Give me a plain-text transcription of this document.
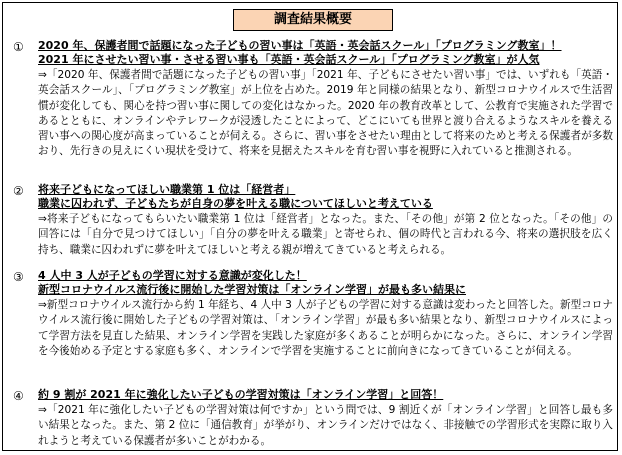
調査結果概要
① 2020 年、保護者間で話題になった子どもの習い事は「英語・英会話スクール」「プログラミング教室」！
2021 年にさせたい習い事・させる習い事も「英語・英会話スクール」「プログラミング教室」が人気
⇒「2020 年、保護者間で話題になった子どもの習い事」「2021 年、子どもにさせたい習い事」では、いずれも「英語・英会話スクール」、「プログラミング教室」が上位を占めた。2019 年と同様の結果となり、新型コロナウイルスで生活習慣が変化しても、関心を持つ習い事に関しての変化はなかった。2020 年の教育改革として、公教育で実施された学習であるとともに、オンラインやテレワークが浸透したことによって、どこにいても世界と渡り合えるようなスキルを養える習い事への関心度が高まっていることが伺える。さらに、習い事をさせたい理由として将来のためと考える保護者が多数おり、先行きの見えにくい現状を受けて、将来を見据えたスキルを育む習い事を視野に入れていると推測される。
② 将来子どもになってほしい職業第 1 位は「経営者」
職業に囚われず、子どもたちが自身の夢を叶える職についてほしいと考えている
⇒将来子どもになってもらいたい職業第 1 位は「経営者」となった。また、「その他」が第 2 位となった。「その他」の回答には「自分で見つけてほしい」「自分の夢を叶える職業」と寄せられ、個の時代と言われる今、将来の選択肢を広く持ち、職業に囚われずに夢を叶えてほしいと考える親が増えてきていると考えられる。
③ 4 人中 3 人が子どもの学習に対する意識が変化した！
新型コロナウイルス流行後に開始した学習対策は「オンライン学習」が最も多い結果に
⇒新型コロナウイルス流行から約 1 年経ち、4 人中 3 人が子どもの学習に対する意識は変わったと回答した。新型コロナウイルス流行後に開始した子どもの学習対策は、「オンライン学習」が最も多い結果となり、新型コロナウイルスによって学習方法を見直した結果、オンライン学習を実践した家庭が多くあることが明らかになった。さらに、オンライン学習を今後始める予定とする家庭も多く、オンラインで学習を実施することに前向きになってきていることが伺える。
④ 約 9 割が 2021 年に強化したい子どもの学習対策は「オンライン学習」と回答！
⇒「2021 年に強化したい子どもの学習対策は何ですか」という問では、9 割近くが「オンライン学習」と回答し最も多い結果となった。また、第 2 位に「通信教育」が挙がり、オンラインだけではなく、非接触での学習形式を実際に取り入れようと考えている保護者が多いことがわかる。
